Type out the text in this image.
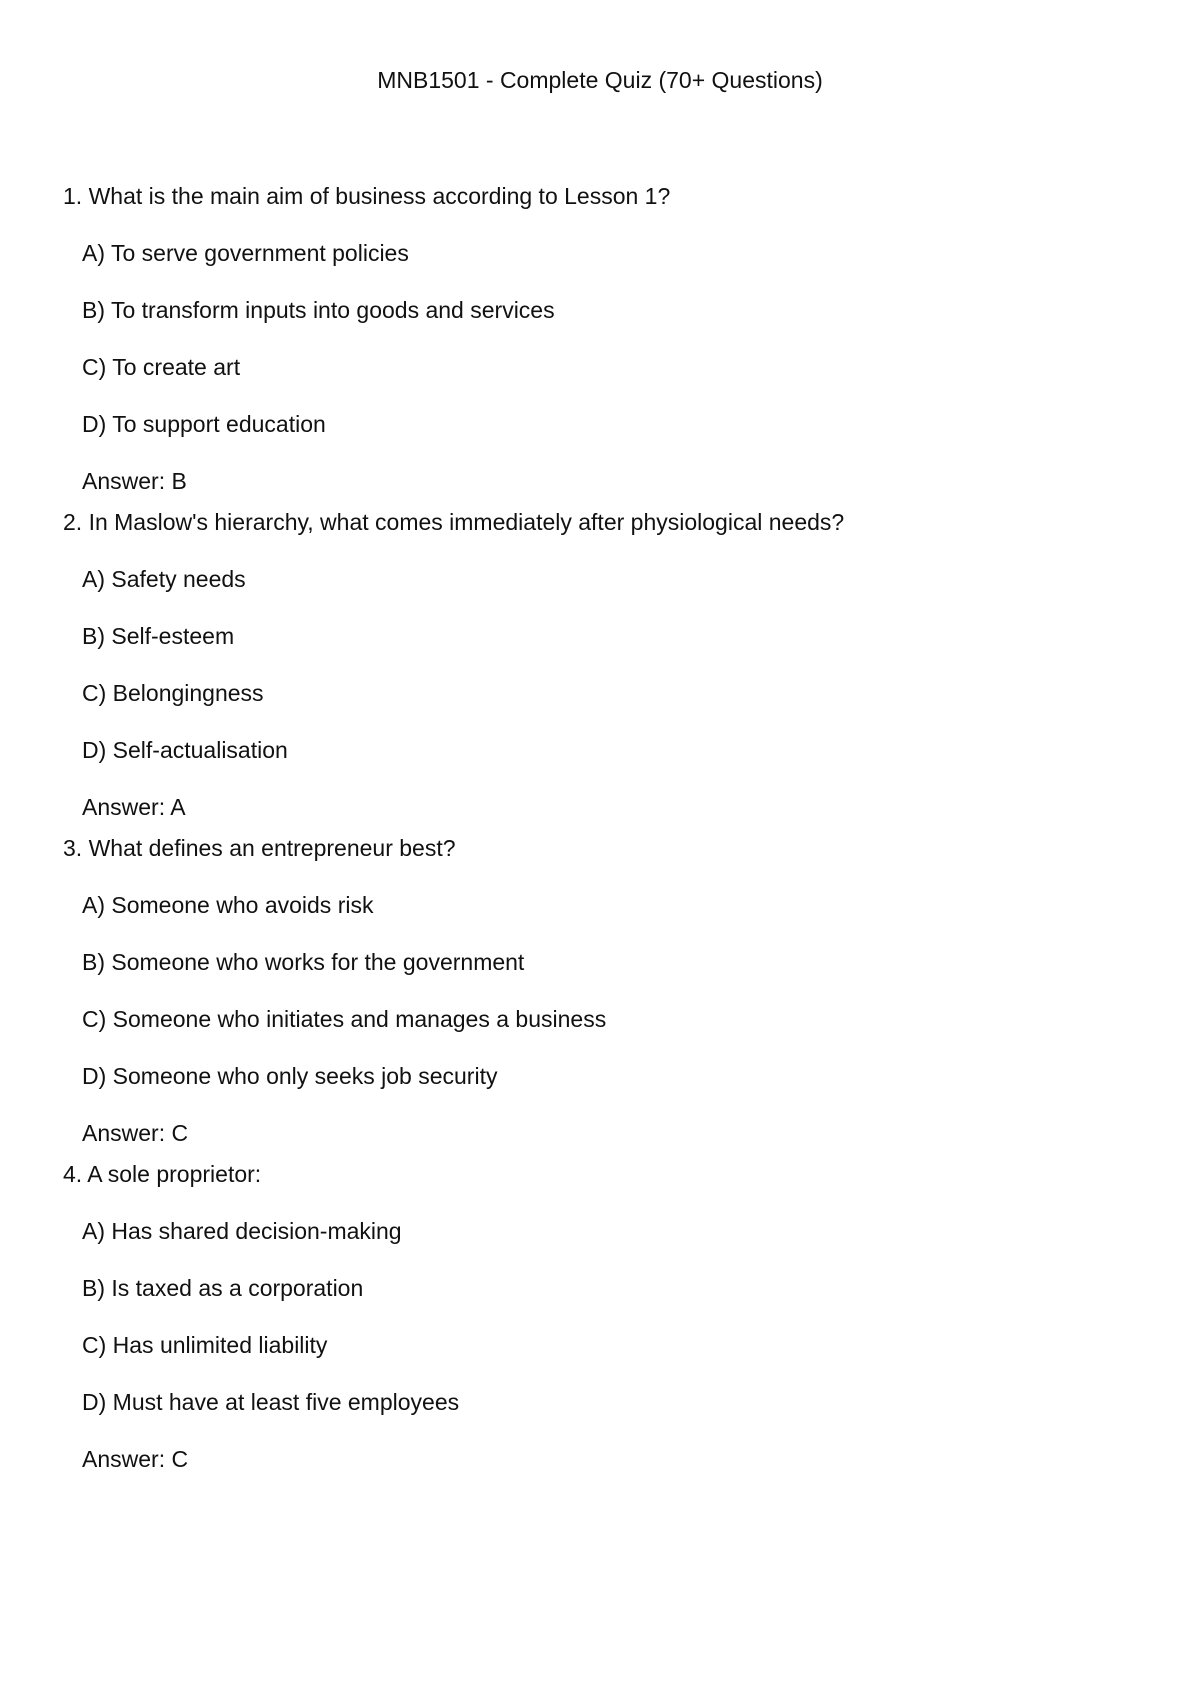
MNB1501 - Complete Quiz (70+ Questions)
1. What is the main aim of business according to Lesson 1?
A) To serve government policies
B) To transform inputs into goods and services
C) To create art
D) To support education
Answer: B
2. In Maslow's hierarchy, what comes immediately after physiological needs?
A) Safety needs
B) Self-esteem
C) Belongingness
D) Self-actualisation
Answer: A
3. What defines an entrepreneur best?
A) Someone who avoids risk
B) Someone who works for the government
C) Someone who initiates and manages a business
D) Someone who only seeks job security
Answer: C
4. A sole proprietor:
A) Has shared decision-making
B) Is taxed as a corporation
C) Has unlimited liability
D) Must have at least five employees
Answer: C
